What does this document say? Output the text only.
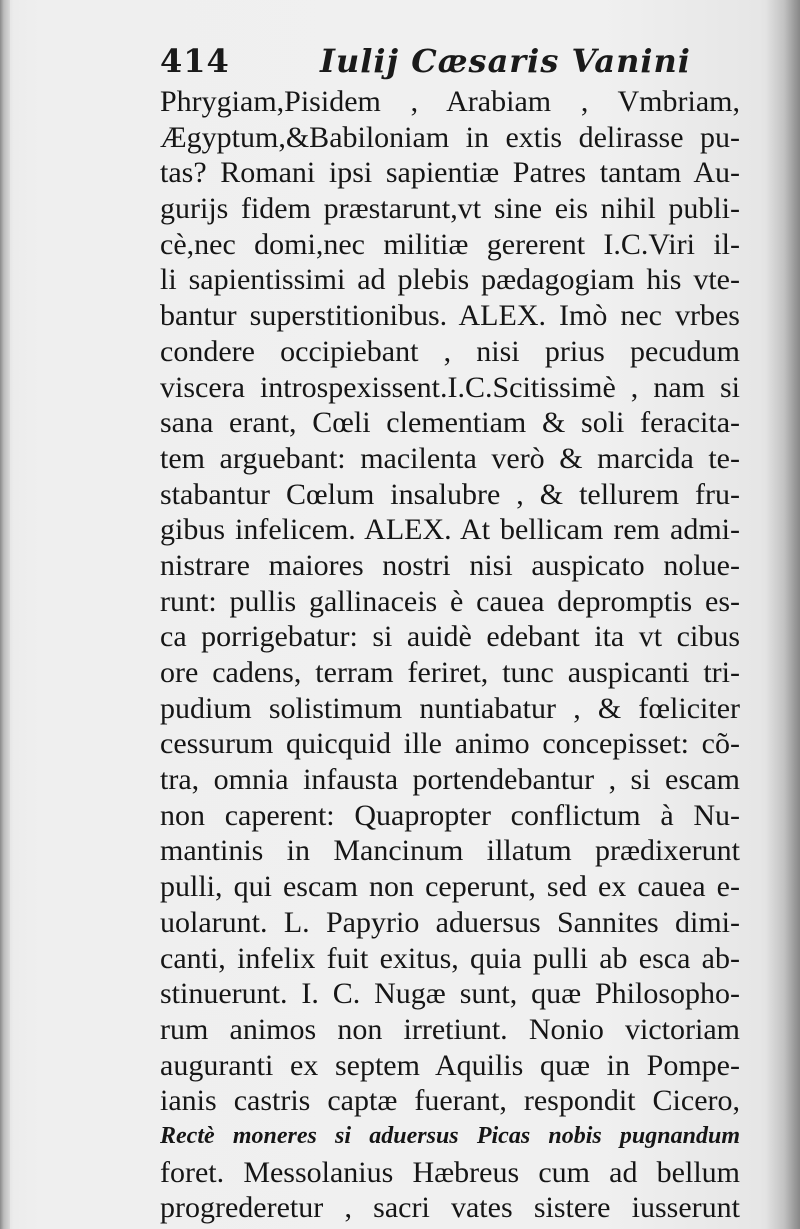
414	Iulij Cæsaris Vanini
Phrygiam,Pisidem , Arabiam , Vmbriam,
Ægyptum,&Babiloniam in extis delirasse pu-
tas? Romani ipsi sapientiæ Patres tantam Au-
gurijs fidem præstarunt,vt sine eis nihil publi-
cè,nec domi,nec militiæ gererent I.C.Viri il-
li sapientissimi ad plebis pædagogiam his vte-
bantur superstitionibus. ALEX. Imò nec vrbes
condere occipiebant , nisi prius pecudum
viscera introspexissent.I.C.Scitissimè , nam si
sana erant, Cœli clementiam & soli feracita-
tem arguebant: macilenta verò & marcida te-
stabantur Cœlum insalubre , & tellurem fru-
gibus infelicem. ALEX. At bellicam rem admi-
nistrare maiores nostri nisi auspicato nolue-
runt: pullis gallinaceis è cauea depromptis es-
ca porrigebatur: si auidè edebant ita vt cibus
ore cadens, terram feriret, tunc auspicanti tri-
pudium solistimum nuntiabatur , & fœliciter
cessurum quicquid ille animo concepisset: cõ-
tra, omnia infausta portendebantur , si escam
non caperent: Quapropter conflictum à Nu-
mantinis in Mancinum illatum prædixerunt
pulli, qui escam non ceperunt, sed ex cauea e-
uolarunt. L. Papyrio aduersus Sannites dimi-
canti, infelix fuit exitus, quia pulli ab esca ab-
stinuerunt. I. C. Nugæ sunt, quæ Philosopho-
rum animos non irretiunt. Nonio victoriam
auguranti ex septem Aquilis quæ in Pompe-
ianis castris captæ fuerant, respondit Cicero,
Rectè moneres si aduersus Picas nobis pugnandum
foret. Messolanius Hæbreus cum ad bellum
progrederetur , sacri vates sistere iusserunt
